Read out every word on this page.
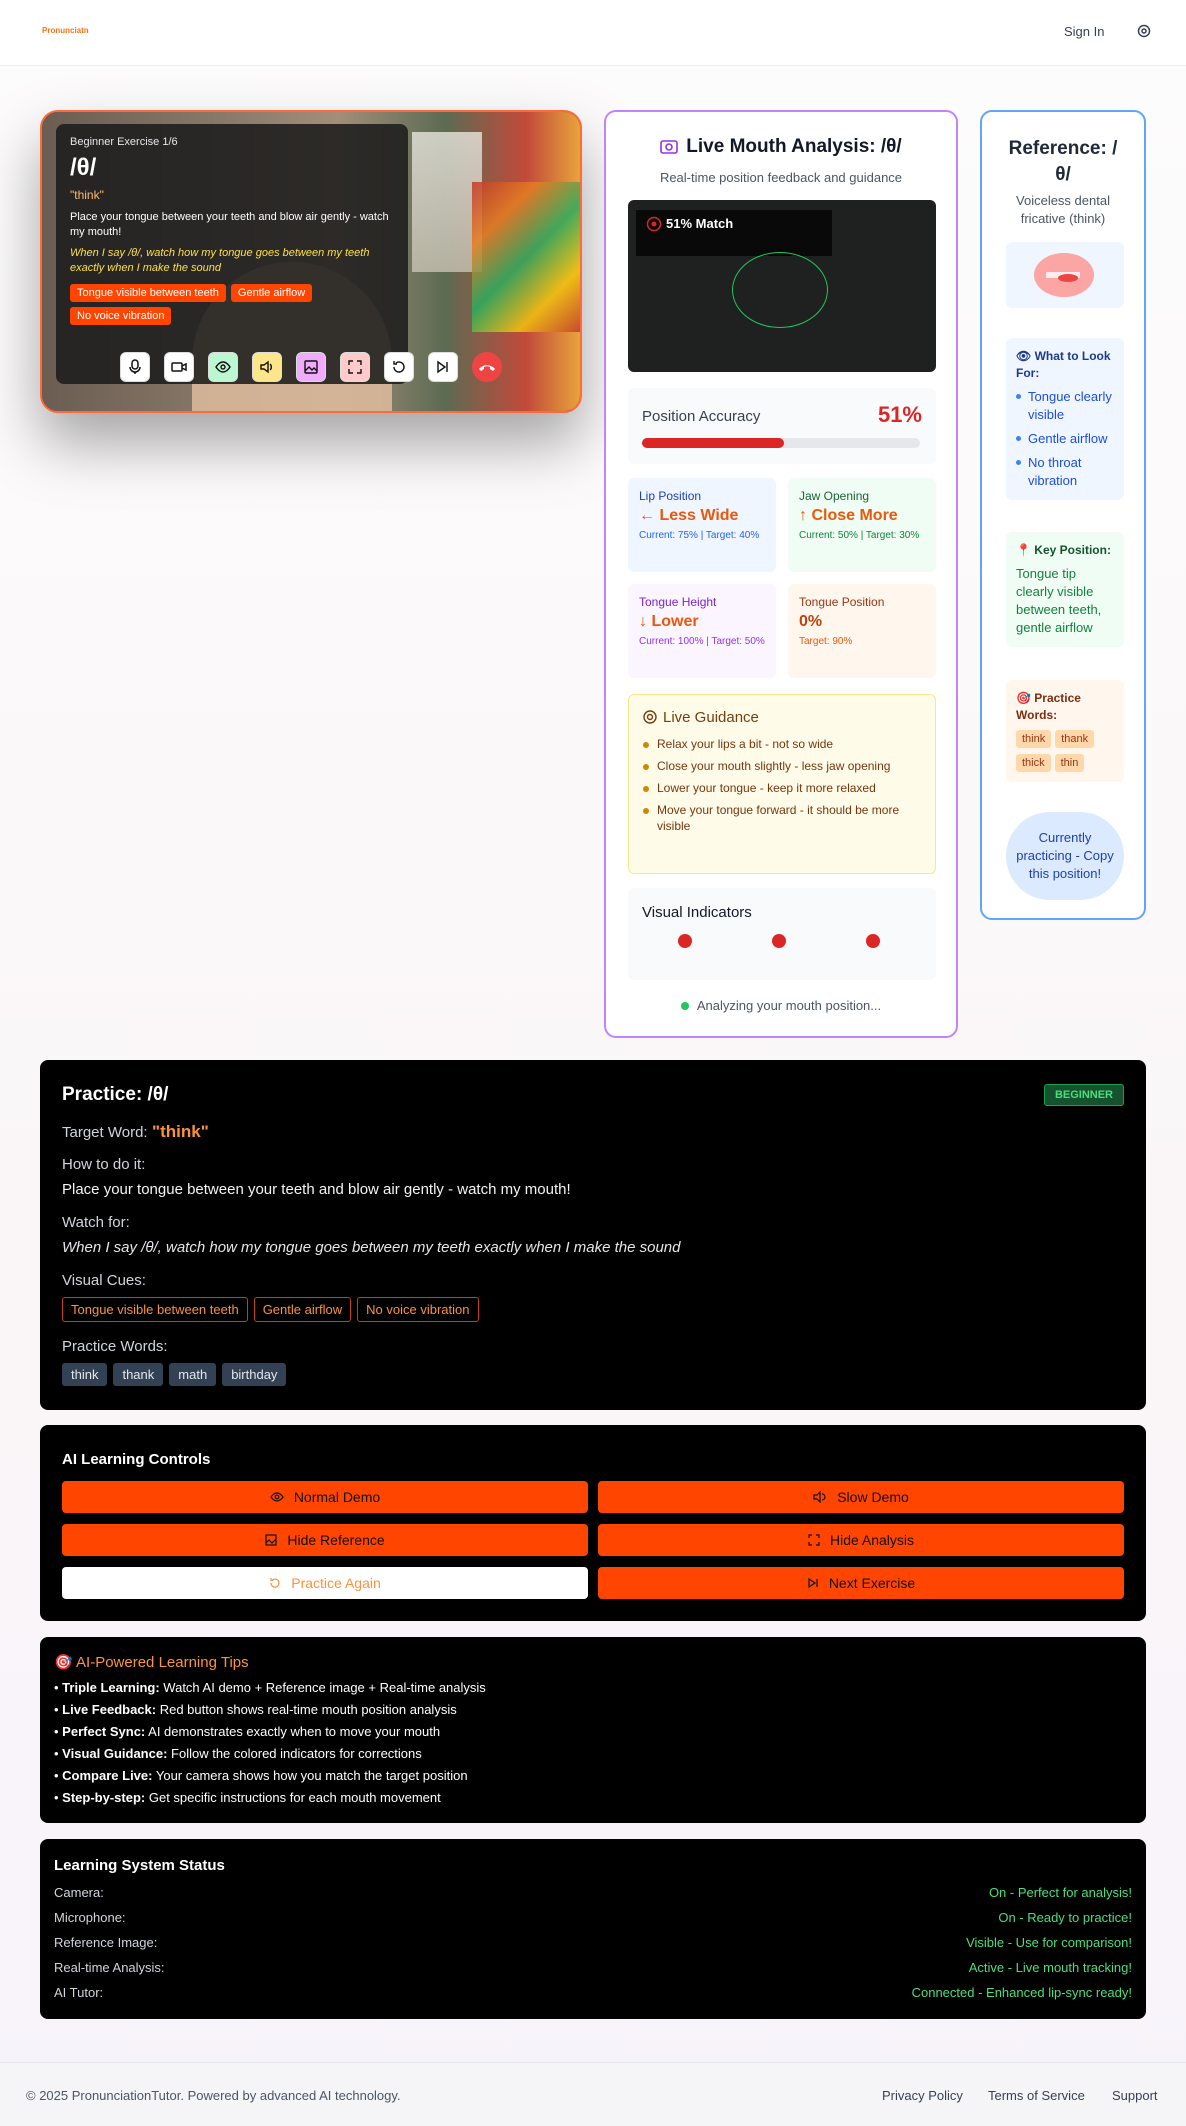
Pronunciatn	Sign In
Beginner Exercise 1/6
/θ/
"think"
Place your tongue between your teeth and blow air gently - watch my mouth!
When I say /θ/, watch how my tongue goes between my teeth exactly when I make the sound
Tongue visible between teeth	Gentle airflow
No voice vibration
Live Mouth Analysis: /θ/
Real-time position feedback and guidance
51% Match
Position Accuracy	51%
Lip Position
← Less Wide
Current: 75% | Target: 40%
Jaw Opening
↑ Close More
Current: 50% | Target: 30%
Tongue Height
↓ Lower
Current: 100% | Target: 50%
Tongue Position
0%
Target: 90%
Live Guidance
Relax your lips a bit - not so wide
Close your mouth slightly - less jaw opening
Lower your tongue - keep it more relaxed
Move your tongue forward - it should be more visible
Visual Indicators
Analyzing your mouth position...
Reference: /θ/
Voiceless dental fricative (think)
👁 What to Look For:
Tongue clearly visible
Gentle airflow
No throat vibration
📍 Key Position:
Tongue tip clearly visible between teeth, gentle airflow
🎯 Practice Words:
think thankthick thin
Currently practicing - Copy this position!
Practice: /θ/	BEGINNER
Target Word: "think"
How to do it:
Place your tongue between your teeth and blow air gently - watch my mouth!
Watch for:
When I say /θ/, watch how my tongue goes between my teeth exactly when I make the sound
Visual Cues:
Tongue visible between teeth Gentle airflow No voice vibration
Practice Words:
think thank math birthday
AI Learning Controls
Normal Demo	Slow Demo
Hide Reference	Hide Analysis
Practice Again	Next Exercise
🎯 AI-Powered Learning Tips
• Triple Learning: Watch AI demo + Reference image + Real-time analysis
• Live Feedback: Red button shows real-time mouth position analysis
• Perfect Sync: AI demonstrates exactly when to move your mouth
• Visual Guidance: Follow the colored indicators for corrections
• Compare Live: Your camera shows how you match the target position
• Step-by-step: Get specific instructions for each mouth movement
Learning System Status
Camera:	On - Perfect for analysis!
Microphone:	On - Ready to practice!
Reference Image:	Visible - Use for comparison!
Real-time Analysis:	Active - Live mouth tracking!
AI Tutor:	Connected - Enhanced lip-sync ready!
© 2025 PronunciationTutor. Powered by advanced AI technology.	Privacy Policy Terms of Service Support
